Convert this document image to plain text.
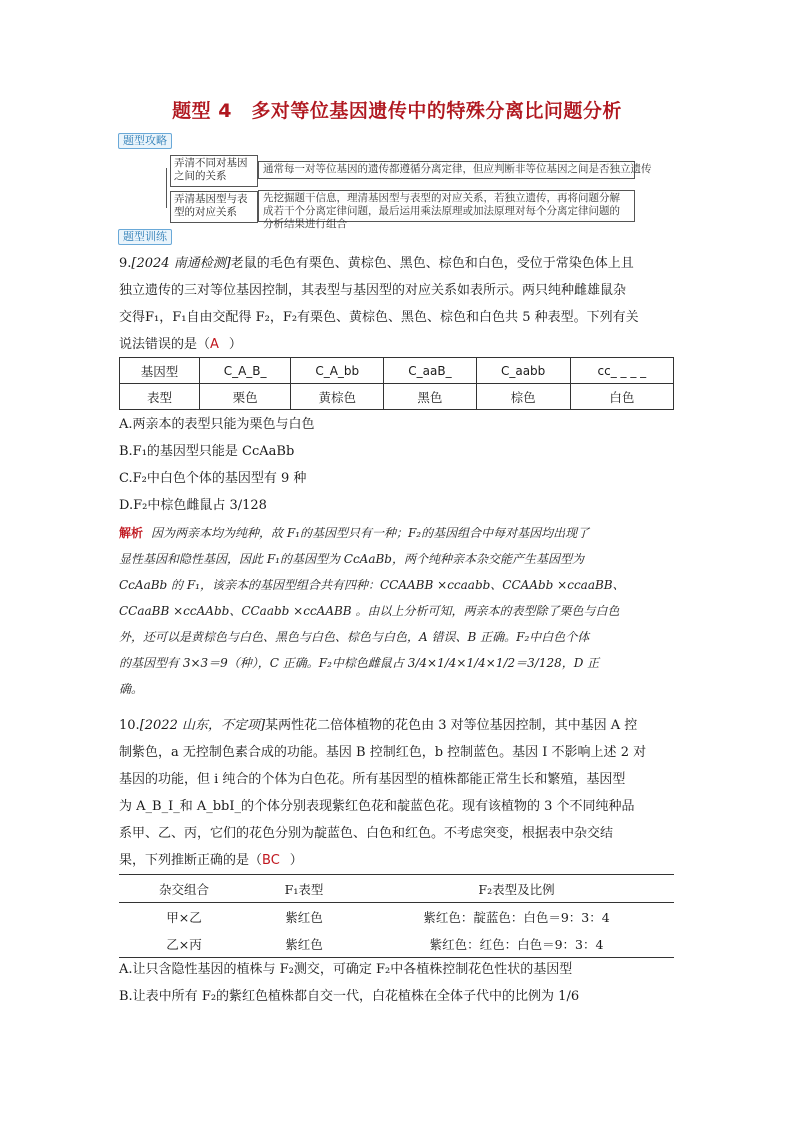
题型 4　多对等位基因遗传中的特殊分离比问题分析
题型攻略
弄清不同对基因之间的关系
通常每一对等位基因的遗传都遵循分离定律，但应判断非等位基因之间是否独立遗传
弄清基因型与表型的对应关系
先挖掘题干信息，理清基因型与表型的对应关系，若独立遗传，再将问题分解成若干个分离定律问题，最后运用乘法原理或加法原理对每个分离定律问题的分析结果进行组合
题型训练

9.[2024 南通检测]老鼠的毛色有栗色、黄棕色、黑色、棕色和白色，受位于常染色体上且

独立遗传的三对等位基因控制，其表型与基因型的对应关系如表所示。两只纯种雌雄鼠杂

交得F₁，F₁自由交配得 F₂，F₂有栗色、黄棕色、黑色、棕色和白色共 5 种表型。下列有关

说法错误的是（A ）

基因型	C_A_B_	C_A_bb	C_aaB_	C_aabb	cc_ _ _ _
表型	栗色	黄棕色	黑色	棕色	白色
A.两亲本的表型只能为栗色与白色
B.F₁的基因型只能是 CcAaBb
C.F₂中白色个体的基因型有 9 种
D.F₂中棕色雌鼠占 3/128

解析 因为两亲本均为纯种，故 F₁的基因型只有一种；F₂的基因组合中每对基因均出现了

显性基因和隐性基因，因此 F₁的基因型为 CcAaBb，两个纯种亲本杂交能产生基因型为

CcAaBb 的 F₁，该亲本的基因型组合共有四种：CCAABB ×ccaabb、CCAAbb ×ccaaBB、

CCaaBB ×ccAAbb、CCaabb ×ccAABB 。由以上分析可知，两亲本的表型除了栗色与白色

外，还可以是黄棕色与白色、黑色与白色、棕色与白色，A 错误、B 正确。F₂中白色个体

的基因型有 3×3＝9（种），C 正确。F₂中棕色雌鼠占 3/4×1/4×1/4×1/2＝3/128，D 正

确。

10.[2022 山东，不定项]某两性花二倍体植物的花色由 3 对等位基因控制，其中基因 A 控

制紫色，a 无控制色素合成的功能。基因 B 控制红色，b 控制蓝色。基因 I 不影响上述 2 对

基因的功能，但 i 纯合的个体为白色花。所有基因型的植株都能正常生长和繁殖，基因型

为 A_B_I_和 A_bbI_的个体分别表现紫红色花和靛蓝色花。现有该植物的 3 个不同纯种品

系甲、乙、丙，它们的花色分别为靛蓝色、白色和红色。不考虑突变，根据表中杂交结

果，下列推断正确的是（BC ）

杂交组合	F₁表型	F₂表型及比例
甲×乙	紫红色	紫红色：靛蓝色：白色＝9：3：4
乙×丙	紫红色	紫红色：红色：白色＝9：3：4
A.让只含隐性基因的植株与 F₂测交，可确定 F₂中各植株控制花色性状的基因型
B.让表中所有 F₂的紫红色植株都自交一代，白花植株在全体子代中的比例为 1/6
